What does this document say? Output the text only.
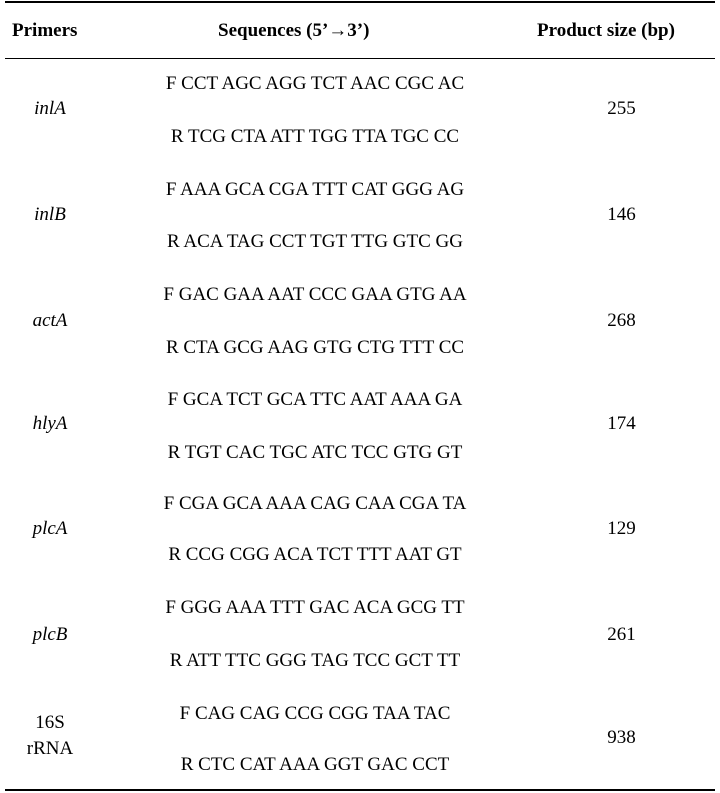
Primers	Sequences (5’→3’)	Product size (bp)
inlA
F CCT AGC AGG TCT AAC CGC AC
R TCG CTA ATT TGG TTA TGC CC
255
inlB
F AAA GCA CGA TTT CAT GGG AG
R ACA TAG CCT TGT TTG GTC GG
146
actA
F GAC GAA AAT CCC GAA GTG AA
R CTA GCG AAG GTG CTG TTT CC
268
hlyA
F GCA TCT GCA TTC AAT AAA GA
R TGT CAC TGC ATC TCC GTG GT
174
plcA
F CGA GCA AAA CAG CAA CGA TA
R CCG CGG ACA TCT TTT AAT GT
129
plcB
F GGG AAA TTT GAC ACA GCG TT
R ATT TTC GGG TAG TCC GCT TT
261
16S
rRNA
F CAG CAG CCG CGG TAA TAC
R CTC CAT AAA GGT GAC CCT
938
